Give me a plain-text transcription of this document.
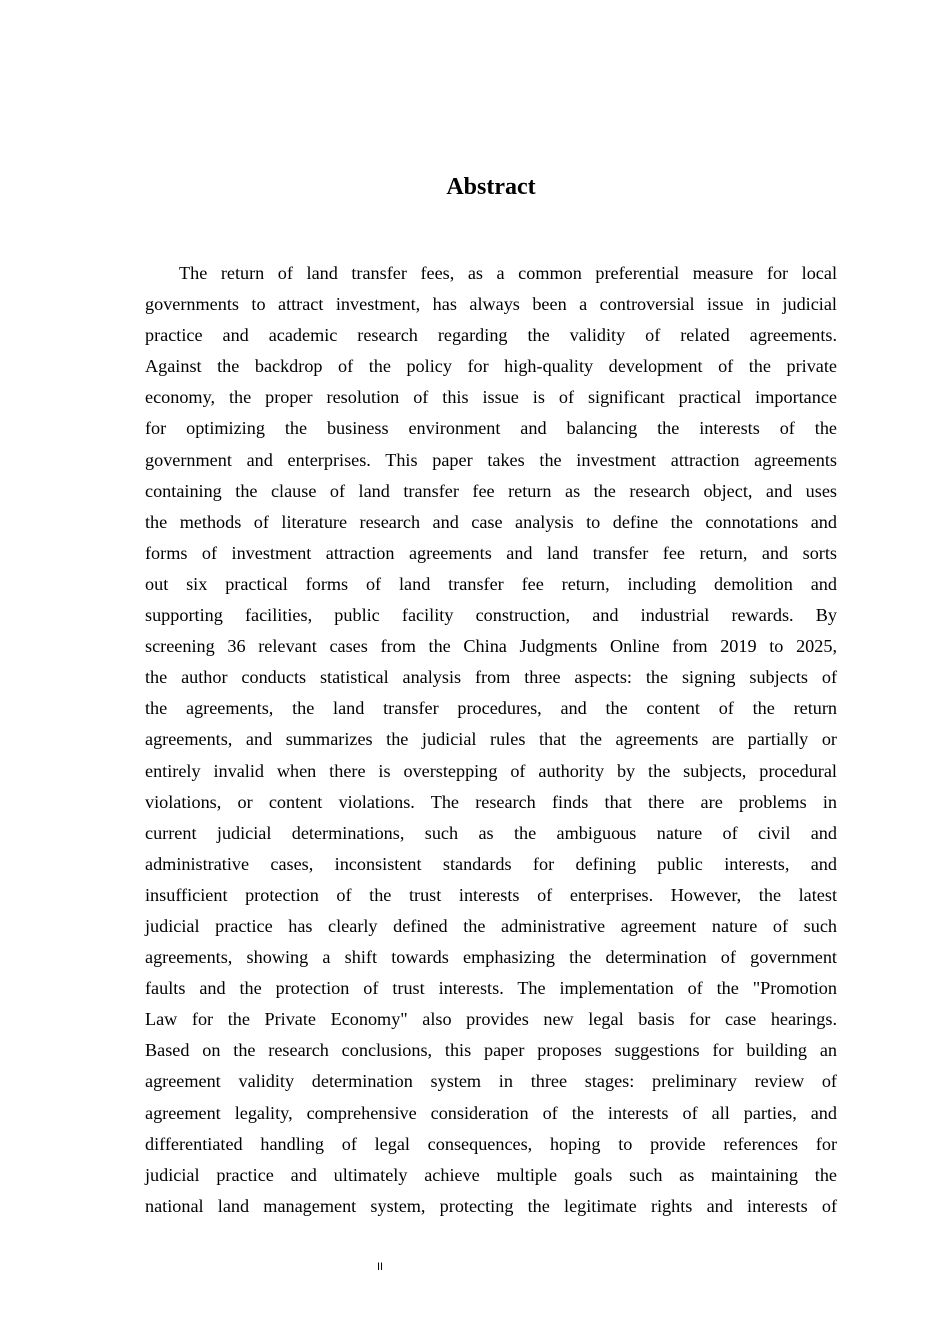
Abstract
The return of land transfer fees, as a common preferential measure for local
governments to attract investment, has always been a controversial issue in judicial
practice and academic research regarding the validity of related agreements.
Against the backdrop of the policy for high-quality development of the private
economy, the proper resolution of this issue is of significant practical importance
for optimizing the business environment and balancing the interests of the
government and enterprises. This paper takes the investment attraction agreements
containing the clause of land transfer fee return as the research object, and uses
the methods of literature research and case analysis to define the connotations and
forms of investment attraction agreements and land transfer fee return, and sorts
out six practical forms of land transfer fee return, including demolition and
supporting facilities, public facility construction, and industrial rewards. By
screening 36 relevant cases from the China Judgments Online from 2019 to 2025,
the author conducts statistical analysis from three aspects: the signing subjects of
the agreements, the land transfer procedures, and the content of the return
agreements, and summarizes the judicial rules that the agreements are partially or
entirely invalid when there is overstepping of authority by the subjects, procedural
violations, or content violations. The research finds that there are problems in
current judicial determinations, such as the ambiguous nature of civil and
administrative cases, inconsistent standards for defining public interests, and
insufficient protection of the trust interests of enterprises. However, the latest
judicial practice has clearly defined the administrative agreement nature of such
agreements, showing a shift towards emphasizing the determination of government
faults and the protection of trust interests. The implementation of the "Promotion
Law for the Private Economy" also provides new legal basis for case hearings.
Based on the research conclusions, this paper proposes suggestions for building an
agreement validity determination system in three stages: preliminary review of
agreement legality, comprehensive consideration of the interests of all parties, and
differentiated handling of legal consequences, hoping to provide references for
judicial practice and ultimately achieve multiple goals such as maintaining the
national land management system, protecting the legitimate rights and interests of
II
